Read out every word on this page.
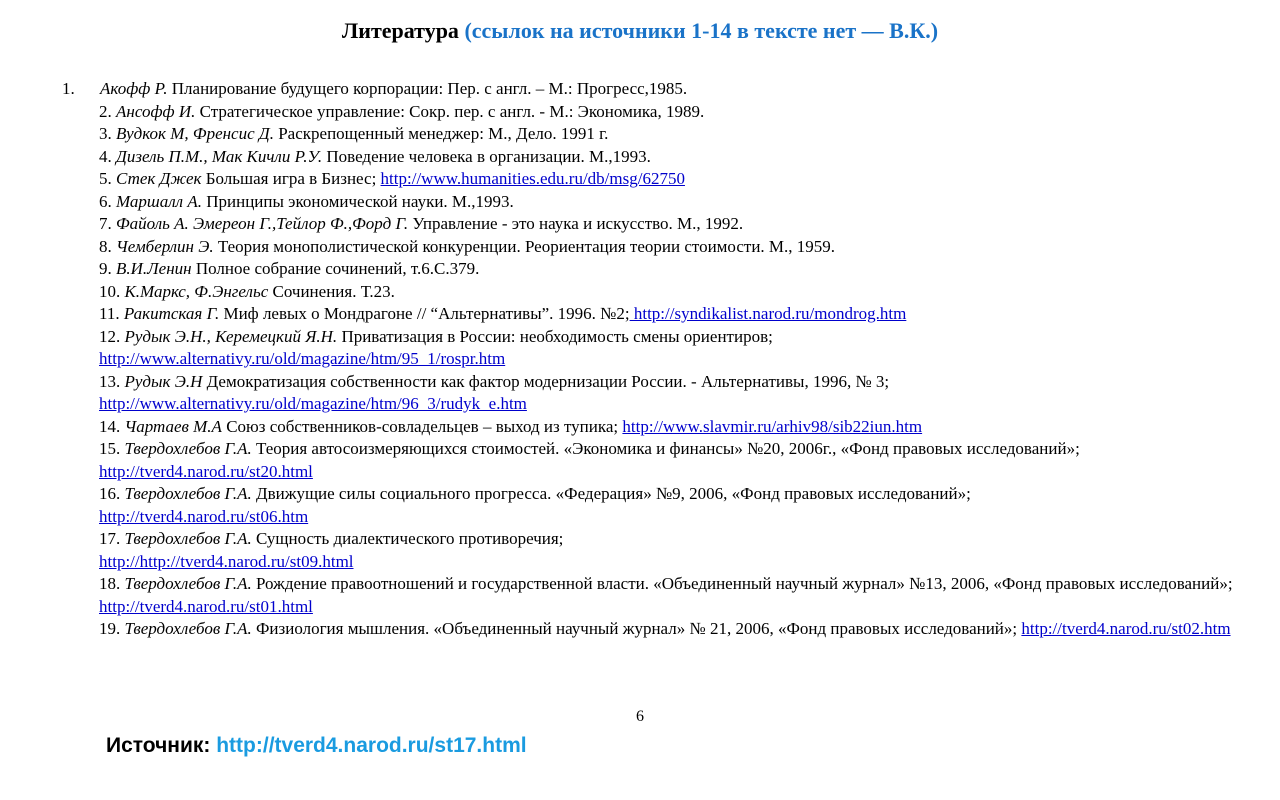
Литература (ссылок на источники 1-14 в тексте нет — В.К.)
1. Акофф Р. Планирование будущего корпорации: Пер. с англ. – М.: Прогресс,1985.
2. Ансофф И. Стратегическое управление: Сокр. пер. с англ. - М.: Экономика, 1989.
3. Вудкок М, Френсис Д. Раскрепощенный менеджер: М., Дело. 1991 г.
4. Дизель П.М., Мак Кичли Р.У. Поведение человека в организации. М.,1993.
5. Стек Джек Большая игра в Бизнес; http://www.humanities.edu.ru/db/msg/62750
6. Маршалл А. Принципы экономической науки. М.,1993.
7. Файоль А. Эмереон Г.,Тейлор Ф.,Форд Г. Управление - это наука и искусство. М., 1992.
8. Чемберлин Э. Теория монополистической конкуренции. Реориентация теории стоимости. М., 1959.
9. В.И.Ленин Полное собрание сочинений, т.6.С.379.
10. К.Маркс, Ф.Энгельс Сочинения. Т.23.
11. Ракитская Г. Миф левых о Мондрагоне // “Альтернативы”. 1996. №2; http://syndikalist.narod.ru/mondrog.htm
12. Рудык Э.Н., Керемецкий Я.Н. Приватизация в России: необходимость смены ориентиров;
http://www.alternativy.ru/old/magazine/htm/95_1/rospr.htm
13. Рудык Э.Н Демократизация собственности как фактор модернизации России. - Альтернативы, 1996, № 3;
http://www.alternativy.ru/old/magazine/htm/96_3/rudyk_e.htm
14. Чартаев М.А Союз собственников-совладельцев – выход из тупика; http://www.slavmir.ru/arhiv98/sib22iun.htm
15. Твердохлебов Г.А. Теория автосоизмеряющихся стоимостей. «Экономика и финансы» №20, 2006г., «Фонд правовых исследований»;
http://tverd4.narod.ru/st20.html
16. Твердохлебов Г.А. Движущие силы социального прогресса. «Федерация» №9, 2006, «Фонд правовых исследований»;
http://tverd4.narod.ru/st06.htm
17. Твердохлебов Г.А. Сущность диалектического противоречия;
http://http://tverd4.narod.ru/st09.html
18. Твердохлебов Г.А. Рождение правоотношений и государственной власти. «Объединенный научный журнал» №13, 2006, «Фонд правовых исследований»; http://tverd4.narod.ru/st01.html
19. Твердохлебов Г.А. Физиология мышления. «Объединенный научный журнал» № 21, 2006, «Фонд правовых исследований»; http://tverd4.narod.ru/st02.htm
6
Источник: http://tverd4.narod.ru/st17.html
